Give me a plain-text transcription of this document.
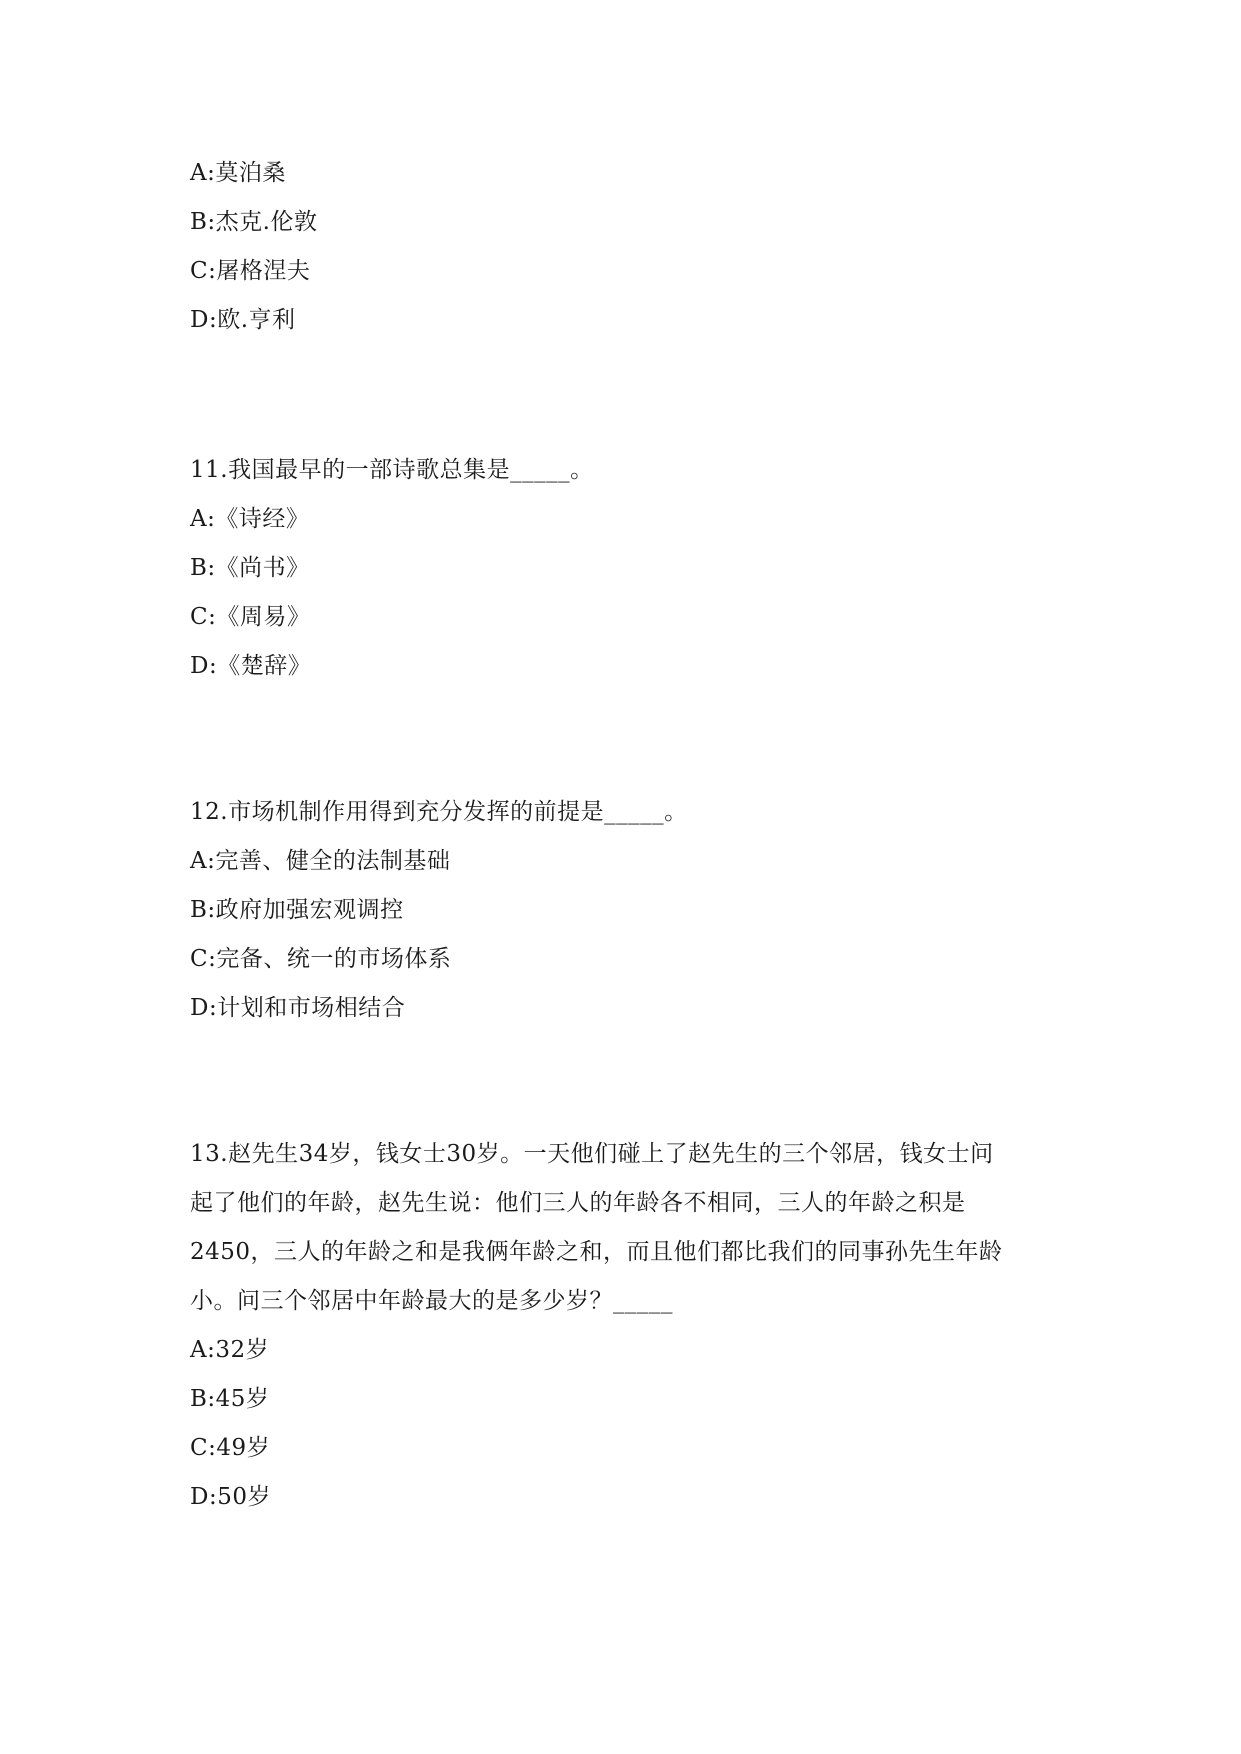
A:莫泊桑
B:杰克.伦敦
C:屠格涅夫
D:欧.亨利
11.我国最早的一部诗歌总集是_____。
A:《诗经》
B:《尚书》
C:《周易》
D:《楚辞》
12.市场机制作用得到充分发挥的前提是_____。
A:完善、健全的法制基础
B:政府加强宏观调控
C:完备、统一的市场体系
D:计划和市场相结合
13.赵先生34岁，钱女士30岁。一天他们碰上了赵先生的三个邻居，钱女士问
起了他们的年龄，赵先生说：他们三人的年龄各不相同，三人的年龄之积是
2450，三人的年龄之和是我俩年龄之和，而且他们都比我们的同事孙先生年龄
小。问三个邻居中年龄最大的是多少岁？_____
A:32岁
B:45岁
C:49岁
D:50岁
